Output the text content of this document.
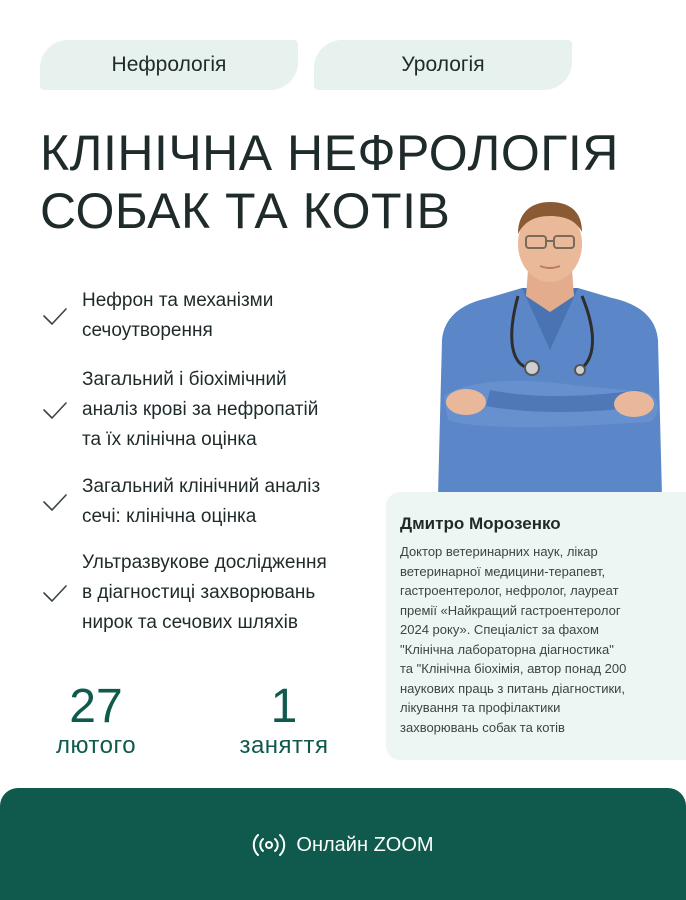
Нефрологія	Урологія
КЛІНІЧНА НЕФРОЛОГІЯ
СОБАК ТА КОТІВ
Нефрон та механізми
сечоутворення
Загальний і біохімічний
аналіз крові за нефропатій
та їх клінічна оцінка
Загальний клінічний аналіз
сечі: клінічна оцінка
Ультразвукове дослідження
в діагностиці захворювань
нирок та сечових шляхів
27
лютого
1
заняття
Дмитро Морозенко
Доктор ветеринарних наук, лікар
ветеринарної медицини-терапевт,
гастроентеролог, нефролог, лауреат
премії «Найкращий гастроентеролог
2024 року». Спеціаліст за фахом
"Клінічна лабораторна діагностика"
та "Клінічна біохімія, автор понад 200
наукових праць з питань діагностики,
лікування та профілактики
захворювань собак та котів
Онлайн ZOOM
